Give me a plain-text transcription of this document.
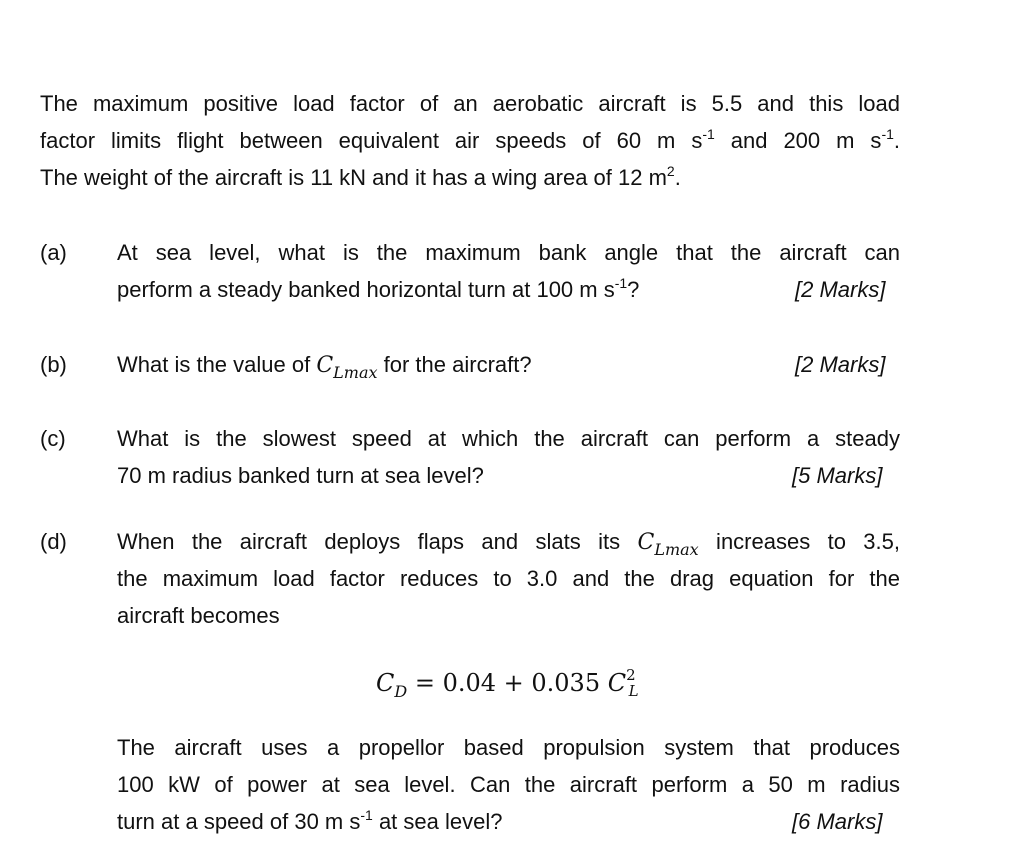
The maximum positive load factor of an aerobatic aircraft is 5.5 and this load
factor limits flight between equivalent air speeds of 60 m $s^{-1}$ and 200 m $s^{-1}$.
The weight of the aircraft is 11 kN and it has a wing area of 12 $m^2$.
(a) At sea level, what is the maximum bank angle that the aircraft can
perform a steady banked horizontal turn at 100 m $s^{-1}$?	[2 Marks]
(b) What is the value of $C_{Lmax}$ for the aircraft?	[2 Marks]
(c) What is the slowest speed at which the aircraft can perform a steady
70 m radius banked turn at sea level?	[5 Marks]
(d) When the aircraft deploys flaps and slats its $C_{Lmax}$ increases to 3.5,
the maximum load factor reduces to 3.0 and the drag equation for the
aircraft becomes
$C_D = 0.04 + 0.035$ $C^2_L$
The aircraft uses a propellor based propulsion system that produces
100 kW of power at sea level. Can the aircraft perform a 50 m radius
turn at a speed of 30 m $s^{-1}$ at sea level?	[6 Marks]
